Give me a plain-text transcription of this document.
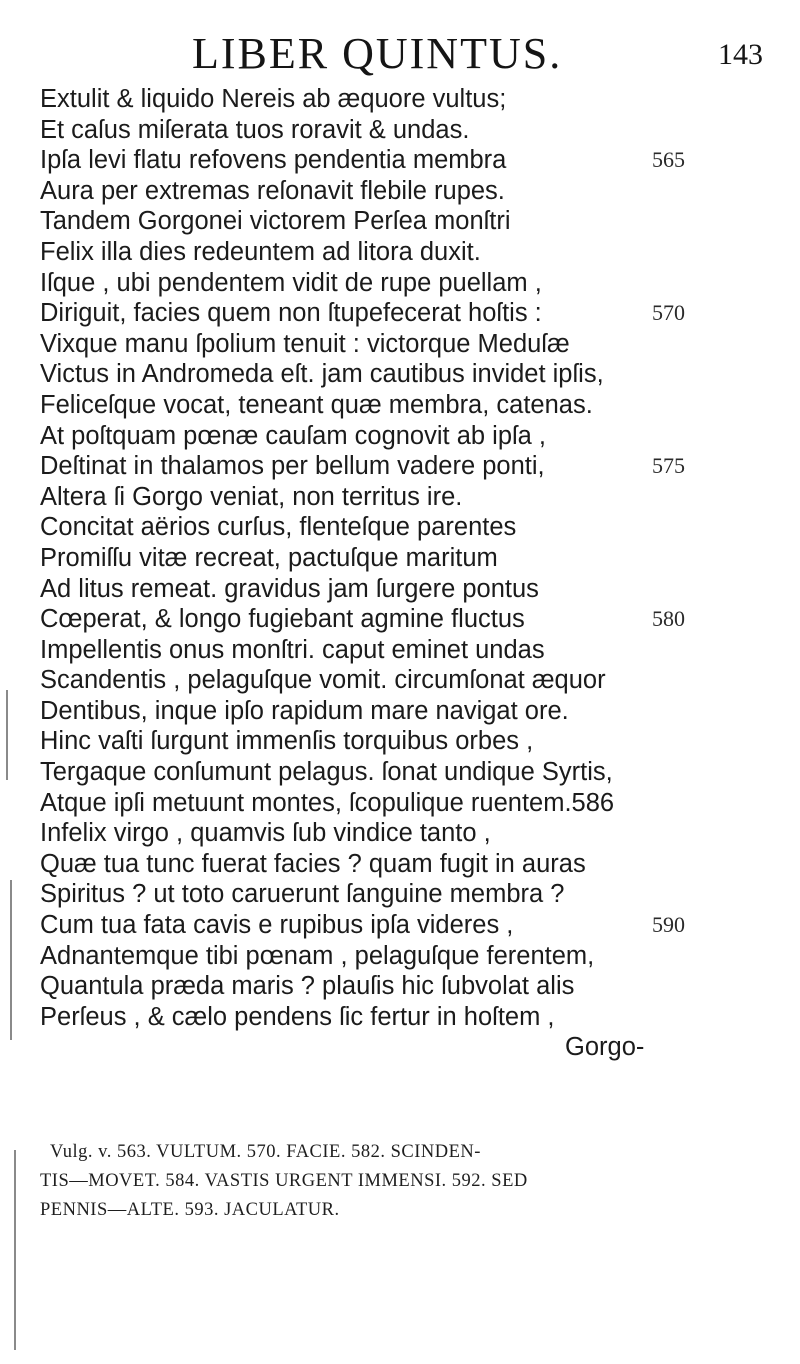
LIBER QUINTUS.	143
Extulit & liquido Nereis ab æquore vultus;
Et caſus miſerata tuos roravit & undas.
Ipſa levi flatu refovens pendentia membra	565
Aura per extremas reſonavit flebile rupes.
Tandem Gorgonei victorem Perſea monſtri
Felix illa dies redeuntem ad litora duxit.
Iſque , ubi pendentem vidit de rupe puellam ,
Diriguit, facies quem non ſtupefecerat hoſtis :	570
Vixque manu ſpolium tenuit : victorque Meduſæ
Victus in Andromeda eſt. jam cautibus invidet ipſis,
Feliceſque vocat, teneant quæ membra, catenas.
At poſtquam pœnæ cauſam cognovit ab ipſa ,
Deſtinat in thalamos per bellum vadere ponti,	575
Altera ſi Gorgo veniat, non territus ire.
Concitat aërios curſus, flenteſque parentes
Promiſſu vitæ recreat, pactuſque maritum
Ad litus remeat. gravidus jam ſurgere pontus
Cœperat, & longo fugiebant agmine fluctus	580
Impellentis onus monſtri. caput eminet undas
Scandentis , pelaguſque vomit. circumſonat æquor
Dentibus, inque ipſo rapidum mare navigat ore.
Hinc vaſti ſurgunt immenſis torquibus orbes ,
Tergaque conſumunt pelagus. ſonat undique Syrtis,
Atque ipſi metuunt montes, ſcopulique ruentem.586
Infelix virgo , quamvis ſub vindice tanto ,
Quæ tua tunc fuerat facies ? quam fugit in auras
Spiritus ? ut toto caruerunt ſanguine membra ?
Cum tua fata cavis e rupibus ipſa videres ,	590
Adnantemque tibi pœnam , pelaguſque ferentem,
Quantula præda maris ? plauſis hic ſubvolat alis
Perſeus , & cælo pendens ſic fertur in hoſtem ,
Gorgo-
Vulg. v. 563. VULTUM. 570. FACIE. 582. SCINDEN-
TIS—MOVET. 584. VASTIS URGENT IMMENSI. 592. SED
PENNIS—ALTE. 593. JACULATUR.
